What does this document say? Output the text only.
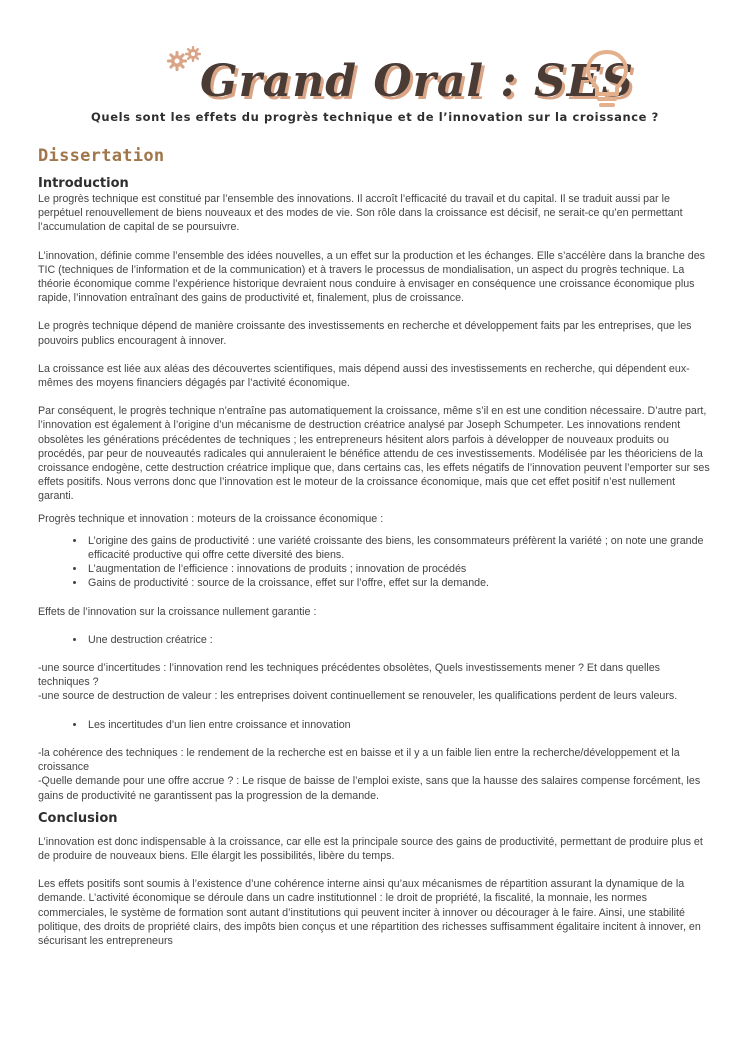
Grand Oral : SES
Quels sont les effets du progrès technique et de l’innovation sur la croissance ?
Dissertation
Introduction

Le progrès technique est constitué par l’ensemble des innovations. Il accroît l’efficacité du travail et du capital. Il se traduit aussi par le perpétuel renouvellement de biens nouveaux et des modes de vie. Son rôle dans la croissance est décisif, ne serait-ce qu’en permettant l’accumulation de capital de se poursuivre.

L’innovation, définie comme l’ensemble des idées nouvelles, a un effet sur la production et les échanges. Elle s’accélère dans la branche des TIC (techniques de l’information et de la communication) et à travers le processus de mondialisation, un aspect du progrès technique. La théorie économique comme l’expérience historique devraient nous conduire à envisager en conséquence une croissance économique plus rapide, l’innovation entraînant des gains de productivité et, finalement, plus de croissance.

Le progrès technique dépend de manière croissante des investissements en recherche et développement faits par les entreprises, que les pouvoirs publics encouragent à innover.

La croissance est liée aux aléas des découvertes scientifiques, mais dépend aussi des investissements en recherche, qui dépendent eux-mêmes des moyens financiers dégagés par l’activité économique.

Par conséquent, le progrès technique n’entraîne pas automatiquement la croissance, même s’il en est une condition nécessaire. D’autre part, l’innovation est également à l’origine d’un mécanisme de destruction créatrice analysé par Joseph Schumpeter. Les innovations rendent obsolètes les générations précédentes de techniques ; les entrepreneurs hésitent alors parfois à développer de nouveaux produits ou procédés, par peur de nouveautés radicales qui annuleraient le bénéfice attendu de ces investissements. Modélisée par les théoriciens de la croissance endogène, cette destruction créatrice implique que, dans certains cas, les effets négatifs de l’innovation peuvent l’emporter sur ses effets positifs. Nous verrons donc que l’innovation est le moteur de la croissance économique, mais que cet effet positif n’est nullement garanti.

Progrès technique et innovation : moteurs de la croissance économique :

• L’origine des gains de productivité : une variété croissante des biens, les consommateurs préfèrent la variété ; on note une grande efficacité productive qui offre cette diversité des biens.
• L’augmentation de l’efficience : innovations de produits ; innovation de procédés
• Gains de productivité : source de la croissance, effet sur l’offre, effet sur la demande.

Effets de l’innovation sur la croissance nullement garantie :

• Une destruction créatrice :

-une source d’incertitudes : l’innovation rend les techniques précédentes obsolètes, Quels investissements mener ? Et dans quelles techniques ?

-une source de destruction de valeur : les entreprises doivent continuellement se renouveler, les qualifications perdent de leurs valeurs.

• Les incertitudes d’un lien entre croissance et innovation

-la cohérence des techniques : le rendement de la recherche est en baisse et il y a un faible lien entre la recherche/développement et la croissance

-Quelle demande pour une offre accrue ? : Le risque de baisse de l’emploi existe, sans que la hausse des salaires compense forcément, les gains de productivité ne garantissent pas la progression de la demande.

Conclusion

L’innovation est donc indispensable à la croissance, car elle est la principale source des gains de productivité, permettant de produire plus et de produire de nouveaux biens. Elle élargit les possibilités, libère du temps.

Les effets positifs sont soumis à l’existence d’une cohérence interne ainsi qu’aux mécanismes de répartition assurant la dynamique de la demande. L’activité économique se déroule dans un cadre institutionnel : le droit de propriété, la fiscalité, la monnaie, les normes commerciales, le système de formation sont autant d’institutions qui peuvent inciter à innover ou décourager à le faire. Ainsi, une stabilité politique, des droits de propriété clairs, des impôts bien conçus et une répartition des richesses suffisamment égalitaire incitent à innover, en sécurisant les entrepreneurs
